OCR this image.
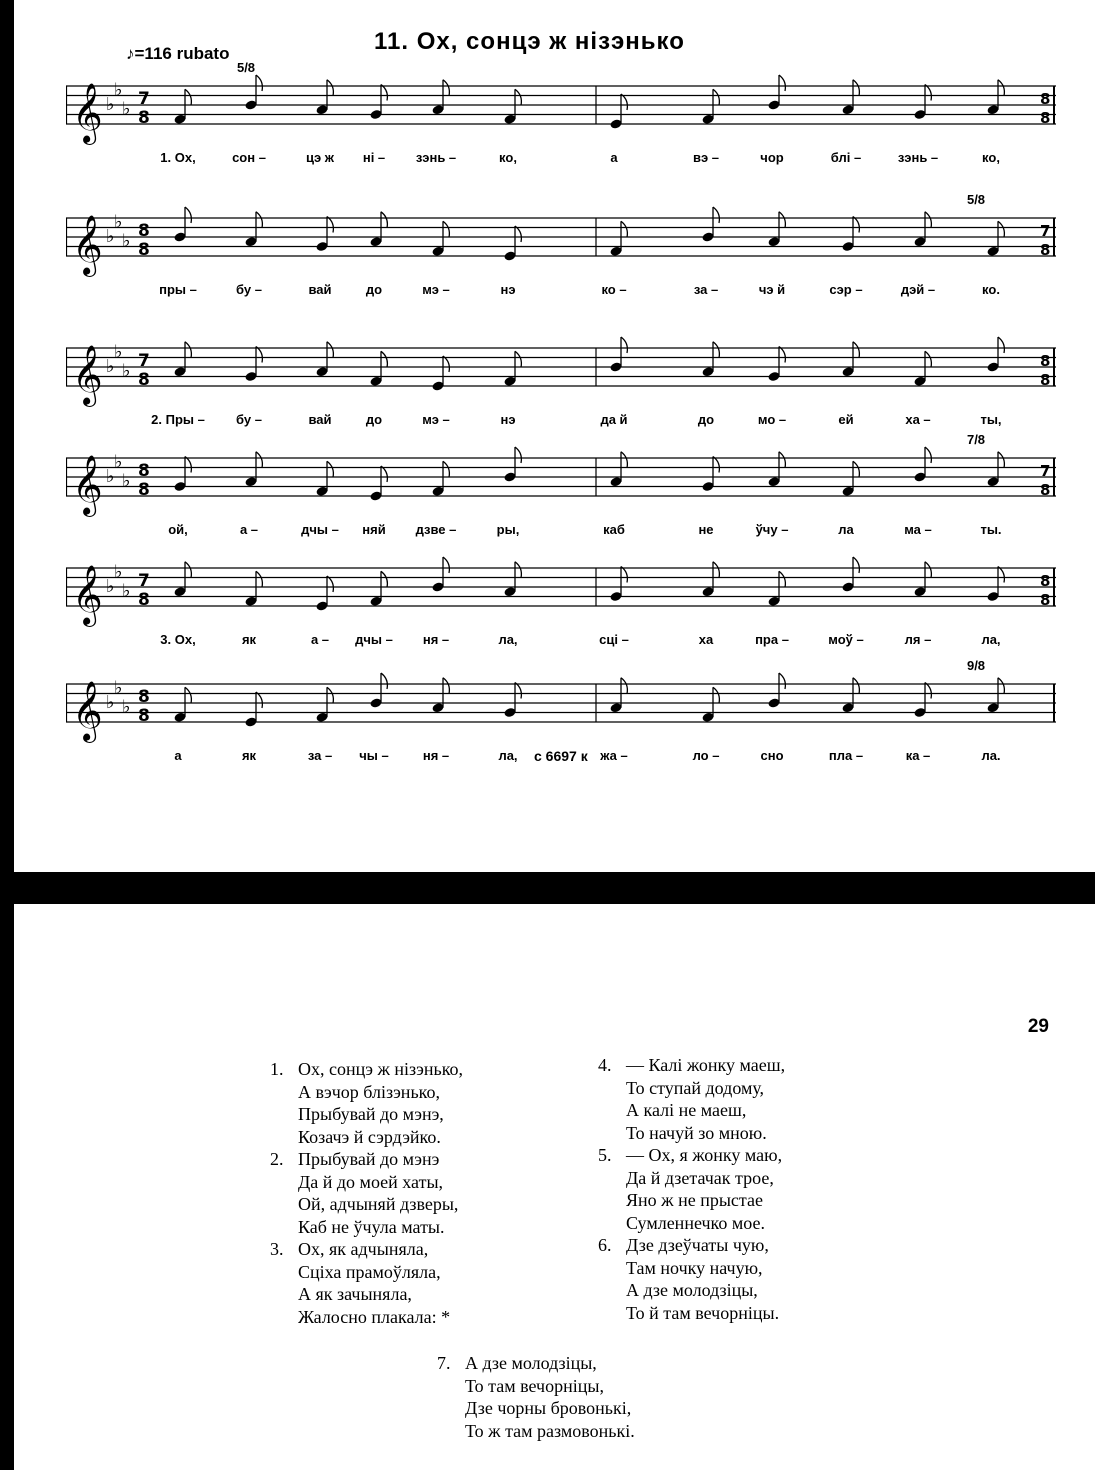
♪=116 rubato	11. Ох, сонцэ ж нізэнько
𝄞 ♭
♭
♭ 7
8
8
8
5/8
1. Ох,	сон –	цэ ж ні – зэнь –	ко,	а	вэ –	чор	блі –	зэнь –	ко,
𝄞 ♭
♭
♭ 8
8
7
8
5/8
пры –	бу –	вай	до	мэ –	нэ	ко –	за –	чэ й	сэр –	дэй –	ко.
𝄞 ♭
♭
♭ 7
8
8
8
2. Пры – бу –	вай	до	мэ –	нэ	да й	до	мо –	ей	ха –	ты,
𝄞 ♭
♭
♭ 8
8
7
8
7/8
ой,	а –	дчы – няй дзве –	ры,	каб	не	ўчу –	ла	ма –	ты.
𝄞 ♭
♭
♭ 7
8
8
8
3. Ох,	як	а – дчы – ня –	ла,	сці –	ха	пра –	моў –	ля –	ла,
𝄞 ♭
♭
♭ 8
8
9/8
а	як	за – чы –	ня –	ла,	жа –	ло –	сно	пла –	ка –	ла.
с 6697 к
29
1. Ох, сонцэ ж нізэнько,
А вэчор блізэнько,
Прыбувай до мэнэ,
Козачэ й сэрдэйко.
2. Прыбувай до мэнэ
Да й до моей хаты,
Ой, адчыняй дзверы,
Каб не ўчула маты.
3. Ох, як адчыняла,
Сціха прамоўляла,
А як зачыняла,
Жалосно плакала: *
4. — Калі жонку маеш,
То ступай додому,
А калі не маеш,
То начуй зо мною.
5. — Ох, я жонку маю,
Да й дзетачак трое,
Яно ж не прыстае
Сумленнечко мое.
6. Дзе дзеўчаты чую,
Там ночку начую,
А дзе молодзіцы,
То й там вечорніцы.
7. А дзе молодзіцы,
То там вечорніцы,
Дзе чорны бровонькі,
То ж там размовонькі.
